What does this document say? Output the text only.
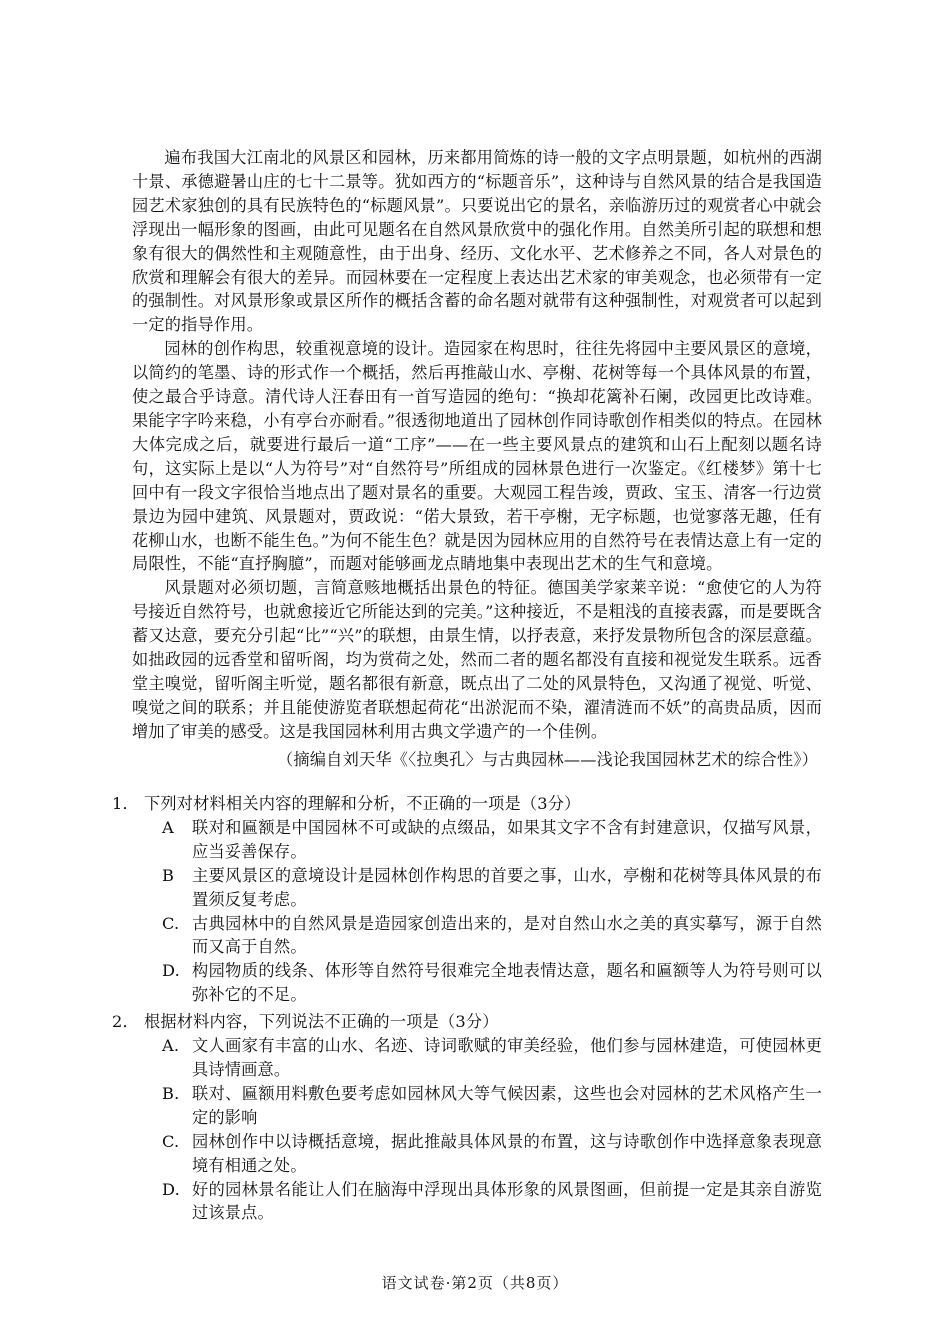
遍布我国大江南北的风景区和园林，历来都用简炼的诗一般的文字点明景题，如杭州的西湖十景、承德避暑山庄的七十二景等。犹如西方的“标题音乐”，这种诗与自然风景的结合是我国造园艺术家独创的具有民族特色的“标题风景”。只要说出它的景名，亲临游历过的观赏者心中就会浮现出一幅形象的图画，由此可见题名在自然风景欣赏中的强化作用。自然美所引起的联想和想象有很大的偶然性和主观随意性，由于出身、经历、文化水平、艺术修养之不同，各人对景色的欣赏和理解会有很大的差异。而园林要在一定程度上表达出艺术家的审美观念，也必须带有一定的强制性。对风景形象或景区所作的概括含蓄的命名题对就带有这种强制性，对观赏者可以起到一定的指导作用。

园林的创作构思，较重视意境的设计。造园家在构思时，往往先将园中主要风景区的意境，以简约的笔墨、诗的形式作一个概括，然后再推敲山水、亭榭、花树等每一个具体风景的布置，使之最合乎诗意。清代诗人汪春田有一首写造园的绝句：“换却花篱补石阑，改园更比改诗难。果能字字吟来稳，小有亭台亦耐看。”很透彻地道出了园林创作同诗歌创作相类似的特点。在园林大体完成之后，就要进行最后一道“工序”——在一些主要风景点的建筑和山石上配刻以题名诗句，这实际上是以“人为符号”对“自然符号”所组成的园林景色进行一次鉴定。《红楼梦》第十七回中有一段文字很恰当地点出了题对景名的重要。大观园工程告竣，贾政、宝玉、清客一行边赏景边为园中建筑、风景题对，贾政说：“偌大景致，若干亭榭，无字标题，也觉寥落无趣，任有花柳山水，也断不能生色。”为何不能生色？就是因为园林应用的自然符号在表情达意上有一定的局限性，不能“直抒胸臆”，而题对能够画龙点睛地集中表现出艺术的生气和意境。

风景题对必须切题，言简意赅地概括出景色的特征。德国美学家莱辛说：“愈使它的人为符号接近自然符号，也就愈接近它所能达到的完美。”这种接近，不是粗浅的直接表露，而是要既含蓄又达意，要充分引起“比”“兴”的联想，由景生情，以抒表意，来抒发景物所包含的深层意蕴。如拙政园的远香堂和留听阁，均为赏荷之处，然而二者的题名都没有直接和视觉发生联系。远香堂主嗅觉，留听阁主听觉，题名都很有新意，既点出了二处的风景特色，又沟通了视觉、听觉、嗅觉之间的联系；并且能使游览者联想起荷花“出淤泥而不染，濯清涟而不妖”的高贵品质，因而增加了审美的感受。这是我国园林利用古典文学遗产的一个佳例。

（摘编自刘天华《〈拉奥孔〉与古典园林——浅论我国园林艺术的综合性》）

1． 下列对材料相关内容的理解和分析，不正确的一项是（3分）

A	联对和匾额是中国园林不可或缺的点缀品，如果其文字不含有封建意识，仅描写风景，应当妥善保存。

B	主要风景区的意境设计是园林创作构思的首要之事，山水，亭榭和花树等具体风景的布置须反复考虑。

C. 古典园林中的自然风景是造园家创造出来的，是对自然山水之美的真实摹写，源于自然而又高于自然。

D. 构园物质的线条、体形等自然符号很难完全地表情达意，题名和匾额等人为符号则可以弥补它的不足。

2． 根据材料内容，下列说法不正确的一项是（3分）

A. 文人画家有丰富的山水、名迹、诗词歌赋的审美经验，他们参与园林建造，可使园林更具诗情画意。

B. 联对、匾额用料敷色要考虑如园林风大等气候因素，这些也会对园林的艺术风格产生一定的影响

C. 园林创作中以诗概括意境，据此推敲具体风景的布置，这与诗歌创作中选择意象表现意境有相通之处。

D. 好的园林景名能让人们在脑海中浮现出具体形象的风景图画，但前提一定是其亲自游览过该景点。

语文试卷·第2页（共8页）
